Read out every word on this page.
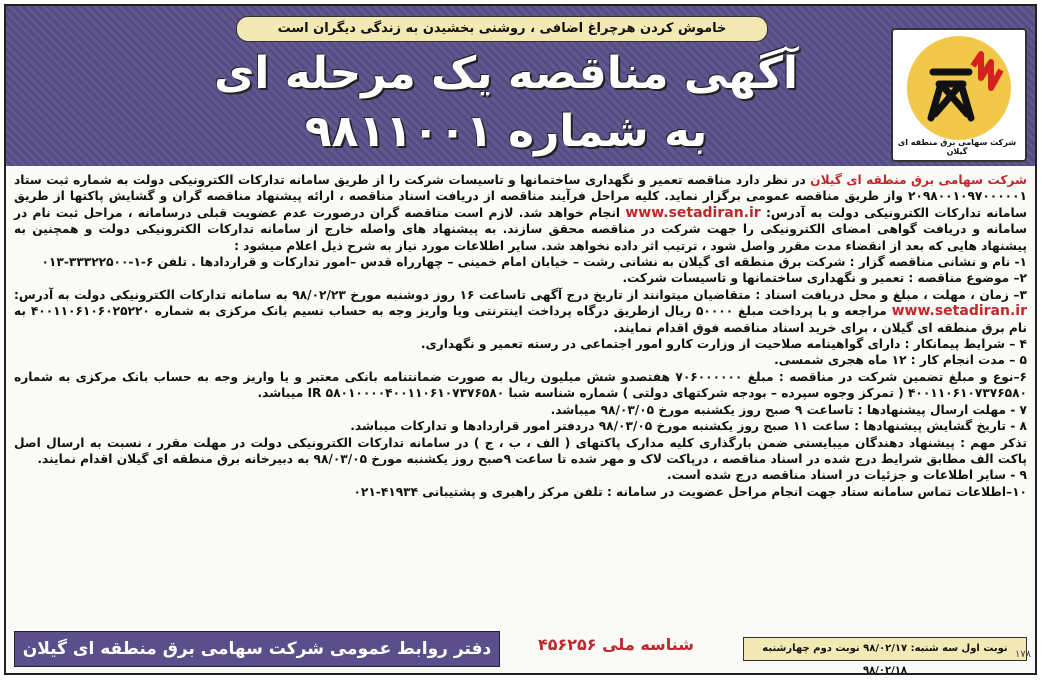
خاموش کردن هرچراغ اضافی ، روشنی بخشیدن به زندگی دیگران است
آگهی مناقصه یک مرحله ای
به شماره ۹۸۱۱۰۰۱	شرکت سهامی برق منطقه ای گیلان

شرکت سهامی برق منطقه ای گیلان در نظر دارد مناقصه تعمیر و نگهداری ساختمانها و تاسیسات شرکت را از طریق سامانه تدارکات الکترونیکی دولت به شماره ثبت ستاد ۲۰۹۸۰۰۱۰۹۷۰۰۰۰۰۱ واز طریق مناقصه عمومی برگزار نماید. کلیه مراحل فرآیند مناقصه از دریافت اسناد مناقصه ، ارائه پیشنهاد مناقصه گران و گشایش پاکتها از طریق سامانه تدارکات الکترونیکی دولت به آدرس: www.setadiran.ir انجام خواهد شد. لازم است مناقصه گران درصورت عدم عضویت قبلی درسامانه ، مراحل ثبت نام در سامانه و دریافت گواهی امضای الکترونیکی را جهت شرکت در مناقصه محقق سازند. به پیشنهاد های واصله خارج از سامانه تدارکات الکترونیکی دولت و همچنین به پیشنهاد هایی که بعد از انقضاء مدت مقرر واصل شود ، ترتیب اثر داده نخواهد شد. سایر اطلاعات مورد نیاز به شرح ذیل اعلام میشود :

۱- نام و نشانی مناقصه گزار : شرکت برق منطقه ای گیلان به نشانی رشت – خیابان امام خمینی – چهارراه قدس –امور تدارکات و قراردادها . تلفن ۶-۱-۳۳۳۲۲۵۰۰-۰۱۳

۲– موضوع مناقصه : تعمیر و نگهداری ساختمانها و تاسیسات شرکت.

۳– زمان ، مهلت ، مبلغ و محل دریافت اسناد : متقاضیان میتوانند از تاریخ درج آگهی تاساعت ۱۶ روز دوشنبه مورخ ۹۸/۰۲/۲۳ به سامانه تدارکات الکترونیکی دولت به آدرس: www.setadiran.ir مراجعه و با پرداخت مبلغ ۵۰۰۰۰ ریال ازطریق درگاه پرداخت اینترنتی ویا واریز وجه به حساب نسیم بانک مرکزی به شماره ۴۰۰۱۱۰۶۱۰۶۰۲۵۲۲۰ به نام برق منطقه ای گیلان ، برای خرید اسناد مناقصه فوق اقدام نمایند.

۴ – شرایط پیمانکار : دارای گواهینامه صلاحیت از وزارت کارو امور اجتماعی در رسته تعمیر و نگهداری.

۵ – مدت انجام کار : ۱۲ ماه هجری شمسی.

۶–نوع و مبلغ تضمین شرکت در مناقصه : مبلغ ۷۰۶۰۰۰۰۰۰ هفتصدو شش میلیون ریال به صورت ضمانتنامه بانکی معتبر و یا واریز وجه به حساب بانک مرکزی به شماره ۴۰۰۱۱۰۶۱۰۷۳۷۶۵۸۰ ( تمرکز وجوه سپرده – بودجه شرکتهای دولتی ) شماره شناسه شبا IR ۵۸۰۱۰۰۰۰۴۰۰۱۱۰۶۱۰۷۳۷۶۵۸۰ میباشد.

۷ - مهلت ارسال پیشنهادها : تاساعت ۹ صبح روز یکشنبه مورخ ۹۸/۰۳/۰۵ میباشد.

۸ - تاریخ گشایش پیشنهادها : ساعت ۱۱ صبح روز یکشنبه مورخ ۹۸/۰۳/۰۵ دردفتر امور قراردادها و تدارکات میباشد.

تذکر مهم : پیشنهاد دهندگان میبایستی ضمن بارگذاری کلیه مدارک پاکتهای ( الف ، ب ، ج ) در سامانه تدارکات الکترونیکی دولت در مهلت مقرر ، نسبت به ارسال اصل پاکت الف مطابق شرایط درج شده در اسناد مناقصه ، درپاکت لاک و مهر شده تا ساعت ۹صبح روز یکشنبه مورخ ۹۸/۰۳/۰۵ به دبیرخانه برق منطقه ای گیلان اقدام نمایند.

۹ - سایر اطلاعات و جزئیات در اسناد مناقصه درج شده است.

۱۰–اطلاعات تماس سامانه ستاد جهت انجام مراحل عضویت در سامانه : تلفن مرکز راهبری و پشتیبانی ۴۱۹۳۴-۰۲۱

دفتر روابط عمومی شرکت سهامی برق منطقه ای گیلان	شناسه ملی ۴۵۶۲۵۶	نوبت اول سه شنبه: ۹۸/۰۲/۱۷ نوبت دوم چهارشنبه ۹۸/۰۲/۱۸
۱۷۸
